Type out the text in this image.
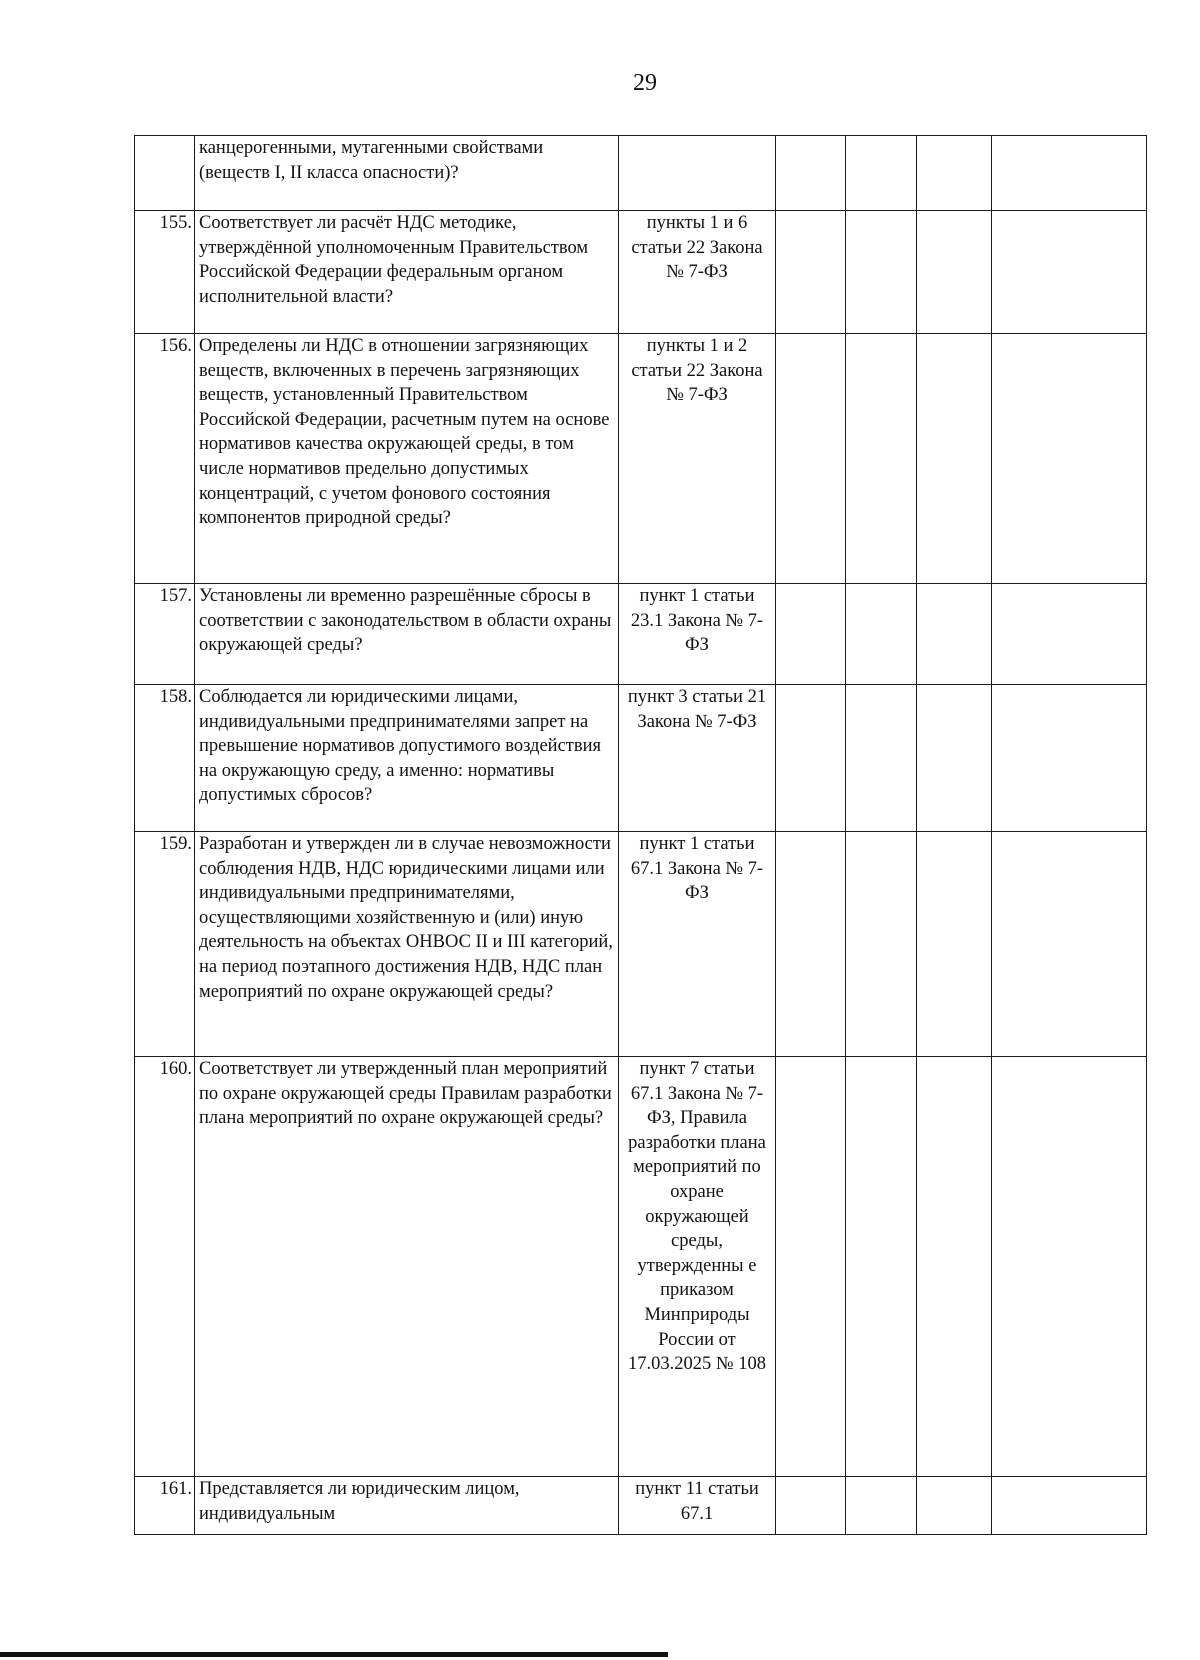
29
	канцерогенными, мутагенными свойствами (веществ I, II класса опасности)?					
155.	Соответствует ли расчёт НДС методике, утверждённой уполномоченным Правительством Российской Федерации федеральным органом исполнительной власти?	пункты 1 и 6 статьи 22 Закона № 7-ФЗ				
156.	Определены ли НДС в отношении загрязняющих веществ, включенных в перечень загрязняющих веществ, установленный Правительством Российской Федерации, расчетным путем на основе нормативов качества окружающей среды, в том числе нормативов предельно допустимых концентраций, с учетом фонового состояния компонентов природной среды?	пункты 1 и 2 статьи 22 Закона № 7-ФЗ				
157.	Установлены ли временно разрешённые сбросы в соответствии с законодательством в области охраны окружающей среды?	пункт 1 статьи 23.1 Закона № 7-ФЗ				
158.	Соблюдается ли юридическими лицами, индивидуальными предпринимателями запрет на превышение нормативов допустимого воздействия на окружающую среду, а именно: нормативы допустимых сбросов?	пункт 3 статьи 21 Закона № 7-ФЗ				
159.	Разработан и утвержден ли в случае невозможности соблюдения НДВ, НДС юридическими лицами или индивидуальными предпринимателями, осуществляющими хозяйственную и (или) иную деятельность на объектах ОНВОС II и III категорий, на период поэтапного достижения НДВ, НДС план мероприятий по охране окружающей среды?	пункт 1 статьи 67.1 Закона № 7-ФЗ				
160.	Соответствует ли утвержденный план мероприятий по охране окружающей среды Правилам разработки плана мероприятий по охране окружающей среды?	пункт 7 статьи 67.1 Закона № 7-ФЗ, Правила разработки плана мероприятий по охране окружающей среды, утвержденны е приказом Минприроды России от 17.03.2025 № 108				
161.	Представляется ли юридическим лицом, индивидуальным	пункт 11 статьи 67.1				
